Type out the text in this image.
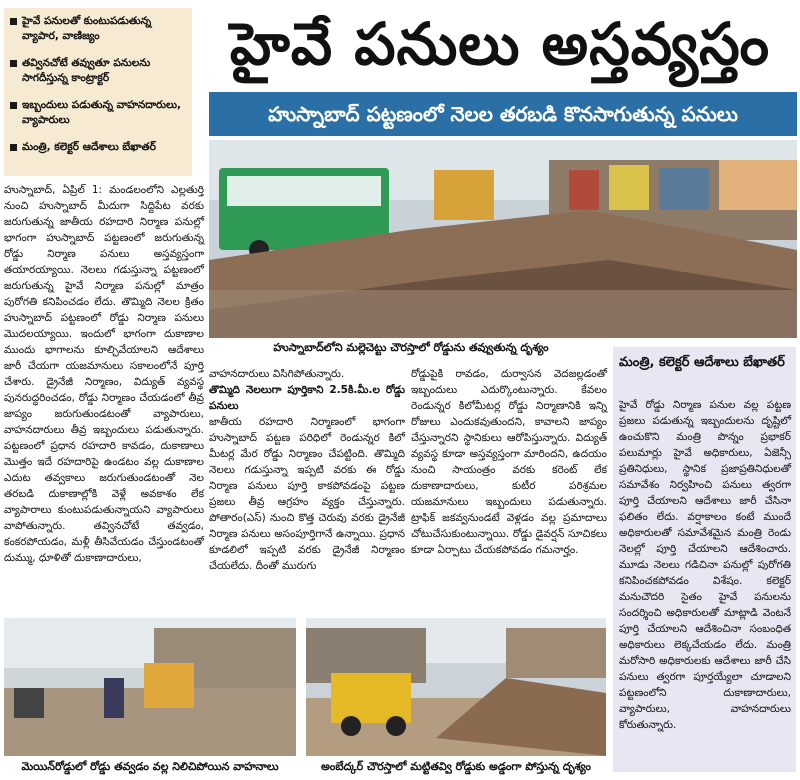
హైవే పనులతో కుంటుపడుతున్న వ్యాపార, వాణిజ్యం
తవ్వినచోటే తవ్వుతూ పనులను సాగదీస్తున్న కాంట్రాక్టర్
ఇబ్బందులు పడుతున్న వాహనదారులు, వ్యాపారులు
మంత్రి, కలెక్టర్ ఆదేశాలు బేఖాతర్
హైవే పనులు అస్తవ్యస్తం
హుస్నాబాద్ పట్టణంలో నెలల తరబడి కొనసాగుతున్న పనులు
హుస్నాబాద్‌లోని మల్లెచెట్టు చౌరస్తాలో రోడ్డును తవ్వుతున్న దృశ్యం

హుస్నాబాద్, ఏప్రిల్ 1: మండలంలోని ఎల్లతుర్తి నుంచి హుస్నాబాద్ మీదుగా సిద్దిపేట వరకు జరుగుతున్న జాతీయ రహదారి నిర్మాణ పనుల్లో భాగంగా హుస్నాబాద్ పట్టణంలో జరుగుతున్న రోడ్డు నిర్మాణ పనులు అస్తవ్యస్తంగా తయారయ్యాయి. నెలలు గడుస్తున్నా పట్టణంలో జరుగుతున్న హైవే నిర్మాణ పనుల్లో మాత్రం పురోగతి కనిపించడం లేదు. తొమ్మిది నెలల క్రితం హుస్నాబాద్ పట్టణంలో రోడ్డు నిర్మాణ పనులు మొదలయ్యాయి. ఇందులో భాగంగా దుకాణాల ముందు భాగాలను కూల్చివేయాలని ఆదేశాలు జారీ చేయగా యజమానులు సకాలంలోనే పూర్తి చేశారు. డ్రైనేజీ నిర్మాణం, విద్యుత్ వ్యవస్థ పునరుద్ధరించడం, రోడ్డు నిర్మాణం చేయడంలో తీవ్ర జాప్యం జరుగుతుండటంతో వ్యాపారులు, వాహనదారులు తీవ్ర ఇబ్బందులు పడుతున్నారు. పట్టణంలో ప్రధాన రహదారి కావడం, దుకాణాలు మొత్తం ఇదే రహదారిపై ఉండటం వల్ల దుకాణాల ఎదుట తవ్వకాలు జరుగుతుండటంతో నెల తరబడి దుకాణాల్లోకి వెళ్లే అవకాశం లేక వ్యాపారాలు కుంటుపడుతున్నాయని వ్యాపారులు వాపోతున్నారు. తవ్వినచోటే తవ్వడం, కంకరపోయడం, మళ్లీ తీసివేయడం చేస్తుండటంతో దుమ్ము, ధూళితో దుకాణాదారులు,

వాహనదారులు విసిగిపోతున్నారు.

తొమ్మిది నెలలుగా పూర్తికాని 2.5కి.మీ.ల రోడ్డు పనులు

జాతీయ రహదారి నిర్మాణంలో భాగంగా హుస్నాబాద్ పట్టణ పరిధిలో రెండున్నర కిలో మీటర్ల మేర రోడ్డు నిర్మాణం చేపట్టింది. తొమ్మిది నెలలు గడుస్తున్నా ఇప్పటి వరకు ఈ రోడ్డు నిర్మాణ పనులు పూర్తి కాకపోవడంపై పట్టణ ప్రజలు తీవ్ర ఆగ్రహం వ్యక్తం చేస్తున్నారు. పోతారం(ఎస్) నుంచి కొత్త చెరువు వరకు డ్రైనేజీ నిర్మాణ పనులు అసంపూర్తిగానే ఉన్నాయి. ప్రధాన కూడలిలో ఇప్పటి వరకు డ్రైనేజీ నిర్మాణం చేయలేదు. దీంతో మురుగు

రోడ్డుపైకి రావడం, దుర్వాసన వెదజల్లడంతో ఇబ్బందులు ఎదుర్కొంటున్నారు. కేవలం రెండున్నర కిలోమీటర్ల రోడ్డు నిర్మాణానికి ఇన్ని రోజులు ఎందుకవుతుందని, కావాలని జాప్యం చేస్తున్నారని స్థానికులు ఆరోపిస్తున్నారు. విద్యుత్ వ్యవస్థ కూడా అస్తవ్యస్తంగా మారిందని, ఉదయం నుంచి సాయంత్రం వరకు కరెంట్ లేక దుకాణాదారులు, కుటీర పరిశ్రమల యజమానులు ఇబ్బందులు పడుతున్నారు. ట్రాఫిక్ జకవ్వనుండటే వెళ్లడం వల్ల ప్రమాదాలు చోటుచేసుకుంటున్నాయి. రోడ్డు డైవర్షన్ సూచికలు కూడా ఏర్పాటు చేయకపోవడం గమనార్హం.

మంత్రి, కలెక్టర్ ఆదేశాలు బేఖాతర్
హైవే రోడ్డు నిర్మాణ పనుల వల్ల పట్టణ ప్రజలు పడుతున్న ఇబ్బందులను దృష్టిలో ఉంచుకొని మంత్రి పొన్నం ప్రభాకర్ పలుమార్లు హైవే అధికారులు, ఏజెన్సీ ప్రతినిధులు, స్థానిక ప్రజాప్రతినిధులతో సమావేశం నిర్వహించి పనులు త్వరగా పూర్తి చేయాలని ఆదేశాలు జారీ చేసినా ఫలితం లేదు. వర్షాకాలం కంటే ముందే అధికారులతో సమావేశమైన మంత్రి రెండు నెలల్లో పూర్తి చేయాలని ఆదేశించారు. మూడు నెలలు గడిచినా పనుల్లో పురోగతి కనిపించకపోవడం విశేషం. కలెక్టర్ మనుచౌదరి సైతం హైవే పనులను సందర్శించి అధికారులతో మాట్లాడి వెంటనే పూర్తి చేయాలని ఆదేశించినా సంబంధిత అధికారులు లెక్కచేయడం లేదు. మంత్రి మరోసారి అధికారులకు ఆదేశాలు జారీ చేసి పనులు త్వరగా పూర్తయ్యేలా చూడాలని పట్టణంలోని దుకాణాదారులు, వ్యాపారులు, వాహనదారులు కోరుతున్నారు.
మెయిన్‌రోడ్డులో రోడ్డు తవ్వడం వల్ల నిలిచిపోయిన వాహనాలు	అంబేద్కర్ చౌరస్తాలో మట్టితవ్వి రోడ్డుకు అడ్డంగా పోస్తున్న దృశ్యం
